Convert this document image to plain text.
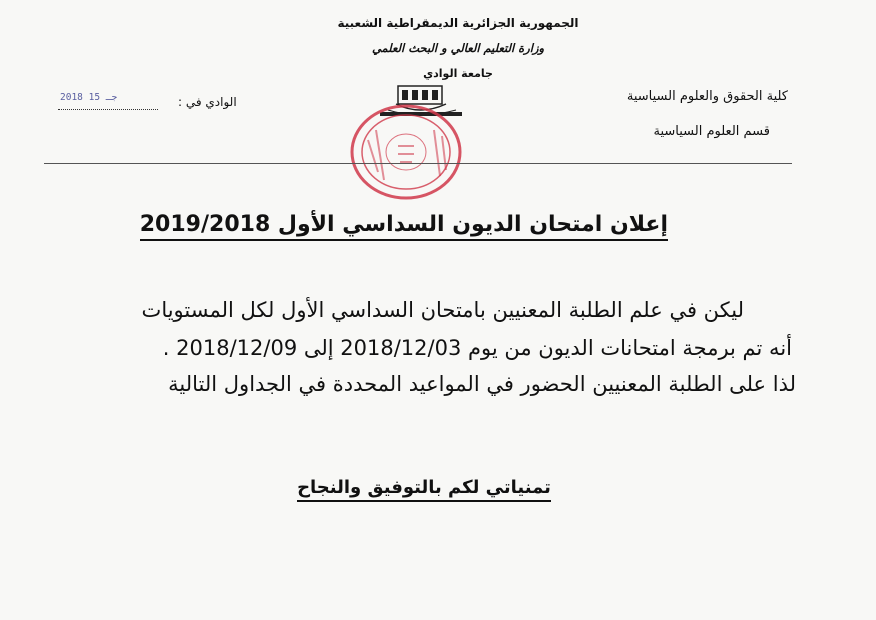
الجمهورية الجزائرية الديمقراطية الشعبية
وزارة التعليم العالي و البحث العلمي
جامعة الوادي
كلية الحقوق والعلوم السياسية
قسم العلوم السياسية
الوادي في :
2018 جـ 15
إعلان امتحان الديون السداسي الأول 2019/2018
ليكن في علم الطلبة المعنيين بامتحان السداسي الأول لكل المستويات
أنه تم برمجة امتحانات الديون من يوم 2018/12/03 إلى 2018/12/09 .
لذا على الطلبة المعنيين الحضور في المواعيد المحددة في الجداول التالية
تمنياتي لكم بالتوفيق والنجاح
